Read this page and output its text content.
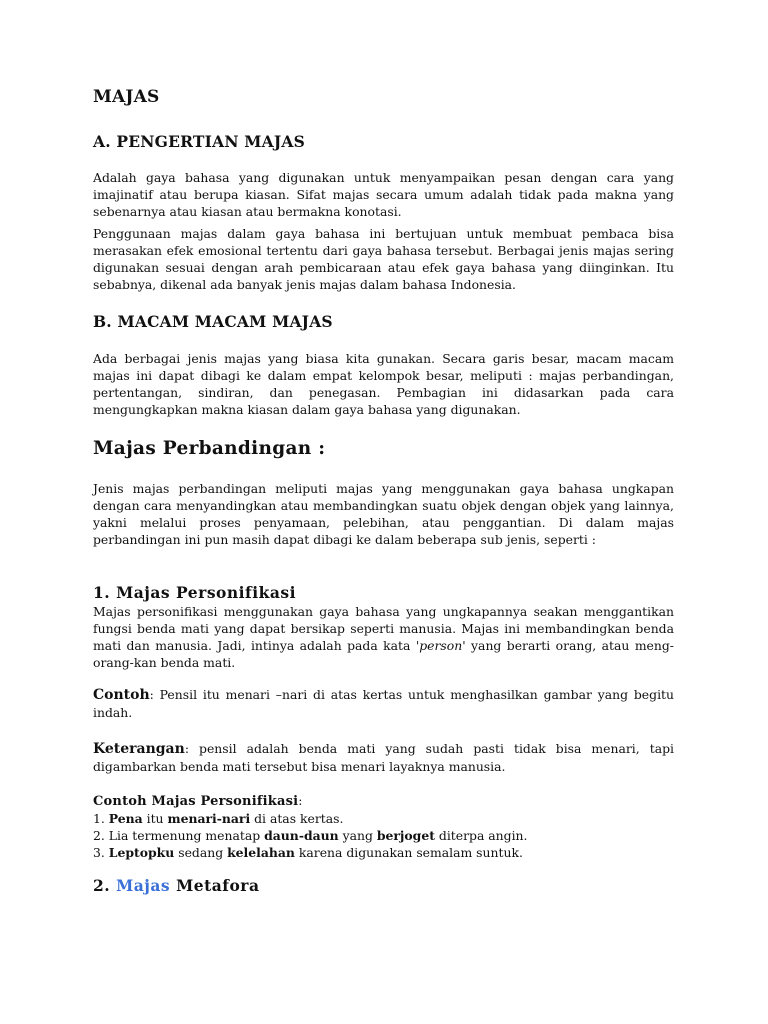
MAJAS
A. PENGERTIAN MAJAS

Adalah gaya bahasa yang digunakan untuk menyampaikan pesan dengan cara yang imajinatif atau berupa kiasan. Sifat majas secara umum adalah tidak pada makna yang sebenarnya atau kiasan atau bermakna konotasi.

Penggunaan majas dalam gaya bahasa ini bertujuan untuk membuat pembaca bisa merasakan efek emosional tertentu dari gaya bahasa tersebut. Berbagai jenis majas sering digunakan sesuai dengan arah pembicaraan atau efek gaya bahasa yang diinginkan. Itu sebabnya, dikenal ada banyak jenis majas dalam bahasa Indonesia.

B. MACAM MACAM MAJAS

Ada berbagai jenis majas yang biasa kita gunakan. Secara garis besar, macam macam majas ini dapat dibagi ke dalam empat kelompok besar, meliputi : majas perbandingan, pertentangan, sindiran, dan penegasan. Pembagian ini didasarkan pada cara mengungkapkan makna kiasan dalam gaya bahasa yang digunakan.

Majas Perbandingan :

Jenis majas perbandingan meliputi majas yang menggunakan gaya bahasa ungkapan dengan cara menyandingkan atau membandingkan suatu objek dengan objek yang lainnya, yakni melalui proses penyamaan, pelebihan, atau penggantian. Di dalam majas perbandingan ini pun masih dapat dibagi ke dalam beberapa sub jenis, seperti :

1. Majas Personifikasi

Majas personifikasi menggunakan gaya bahasa yang ungkapannya seakan menggantikan fungsi benda mati yang dapat bersikap seperti manusia. Majas ini membandingkan benda mati dan manusia. Jadi, intinya adalah pada kata 'person' yang berarti orang, atau meng-orang-kan benda mati.

Contoh: Pensil itu menari –nari di atas kertas untuk menghasilkan gambar yang begitu indah.

Keterangan: pensil adalah benda mati yang sudah pasti tidak bisa menari, tapi digambarkan benda mati tersebut bisa menari layaknya manusia.

Contoh Majas Personifikasi:
1. Pena itu menari-nari di atas kertas.
2. Lia termenung menatap daun-daun yang berjoget diterpa angin.
3. Leptopku sedang kelelahan karena digunakan semalam suntuk.
2. Majas Metafora
